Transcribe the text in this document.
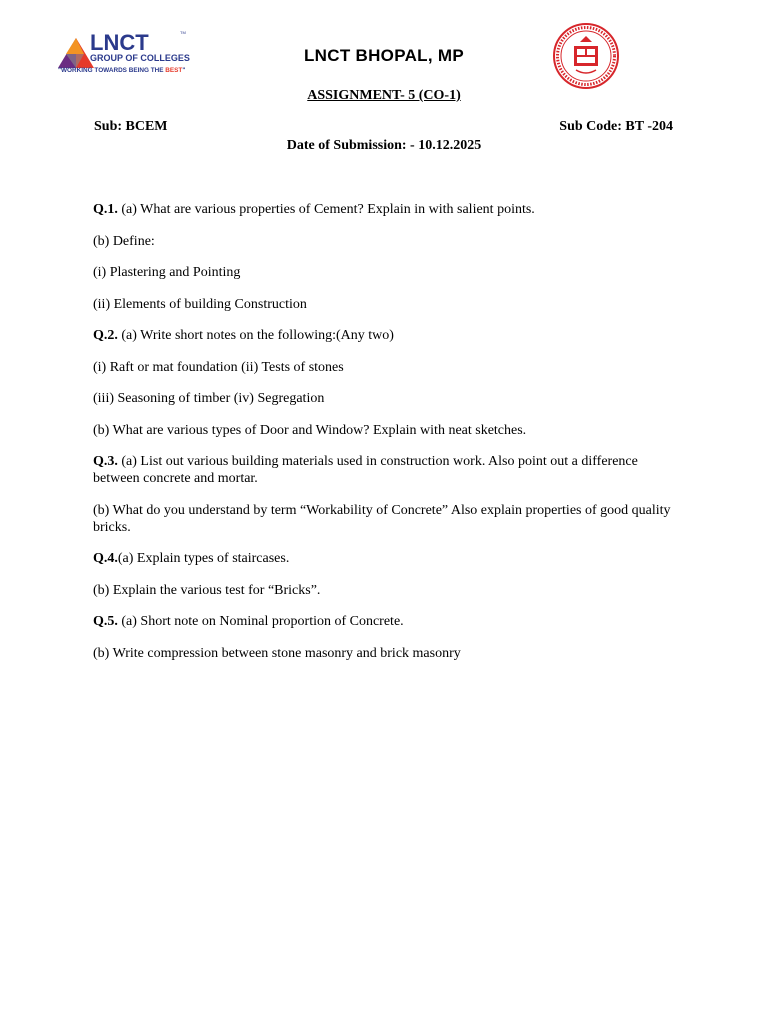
LNCT	TM
GROUP OF COLLEGES
"WORKING TOWARDS BEING THE BEST"
LNCT BHOPAL, MP
ASSIGNMENT- 5 (CO-1)
Sub: BCEM	Sub Code: BT -204
Date of Submission: - 10.12.2025

Q.1. (a) What are various properties of Cement? Explain in with salient points.

(b) Define:

(i) Plastering and Pointing

(ii) Elements of building Construction

Q.2. (a) Write short notes on the following:(Any two)

(i) Raft or mat foundation (ii) Tests of stones

(iii) Seasoning of timber (iv) Segregation

(b) What are various types of Door and Window? Explain with neat sketches.

Q.3. (a) List out various building materials used in construction work. Also point out a difference between concrete and mortar.

(b) What do you understand by term “Workability of Concrete” Also explain properties of good quality bricks.

Q.4.(a) Explain types of staircases.

(b) Explain the various test for “Bricks”.

Q.5. (a) Short note on Nominal proportion of Concrete.

(b) Write compression between stone masonry and brick masonry
